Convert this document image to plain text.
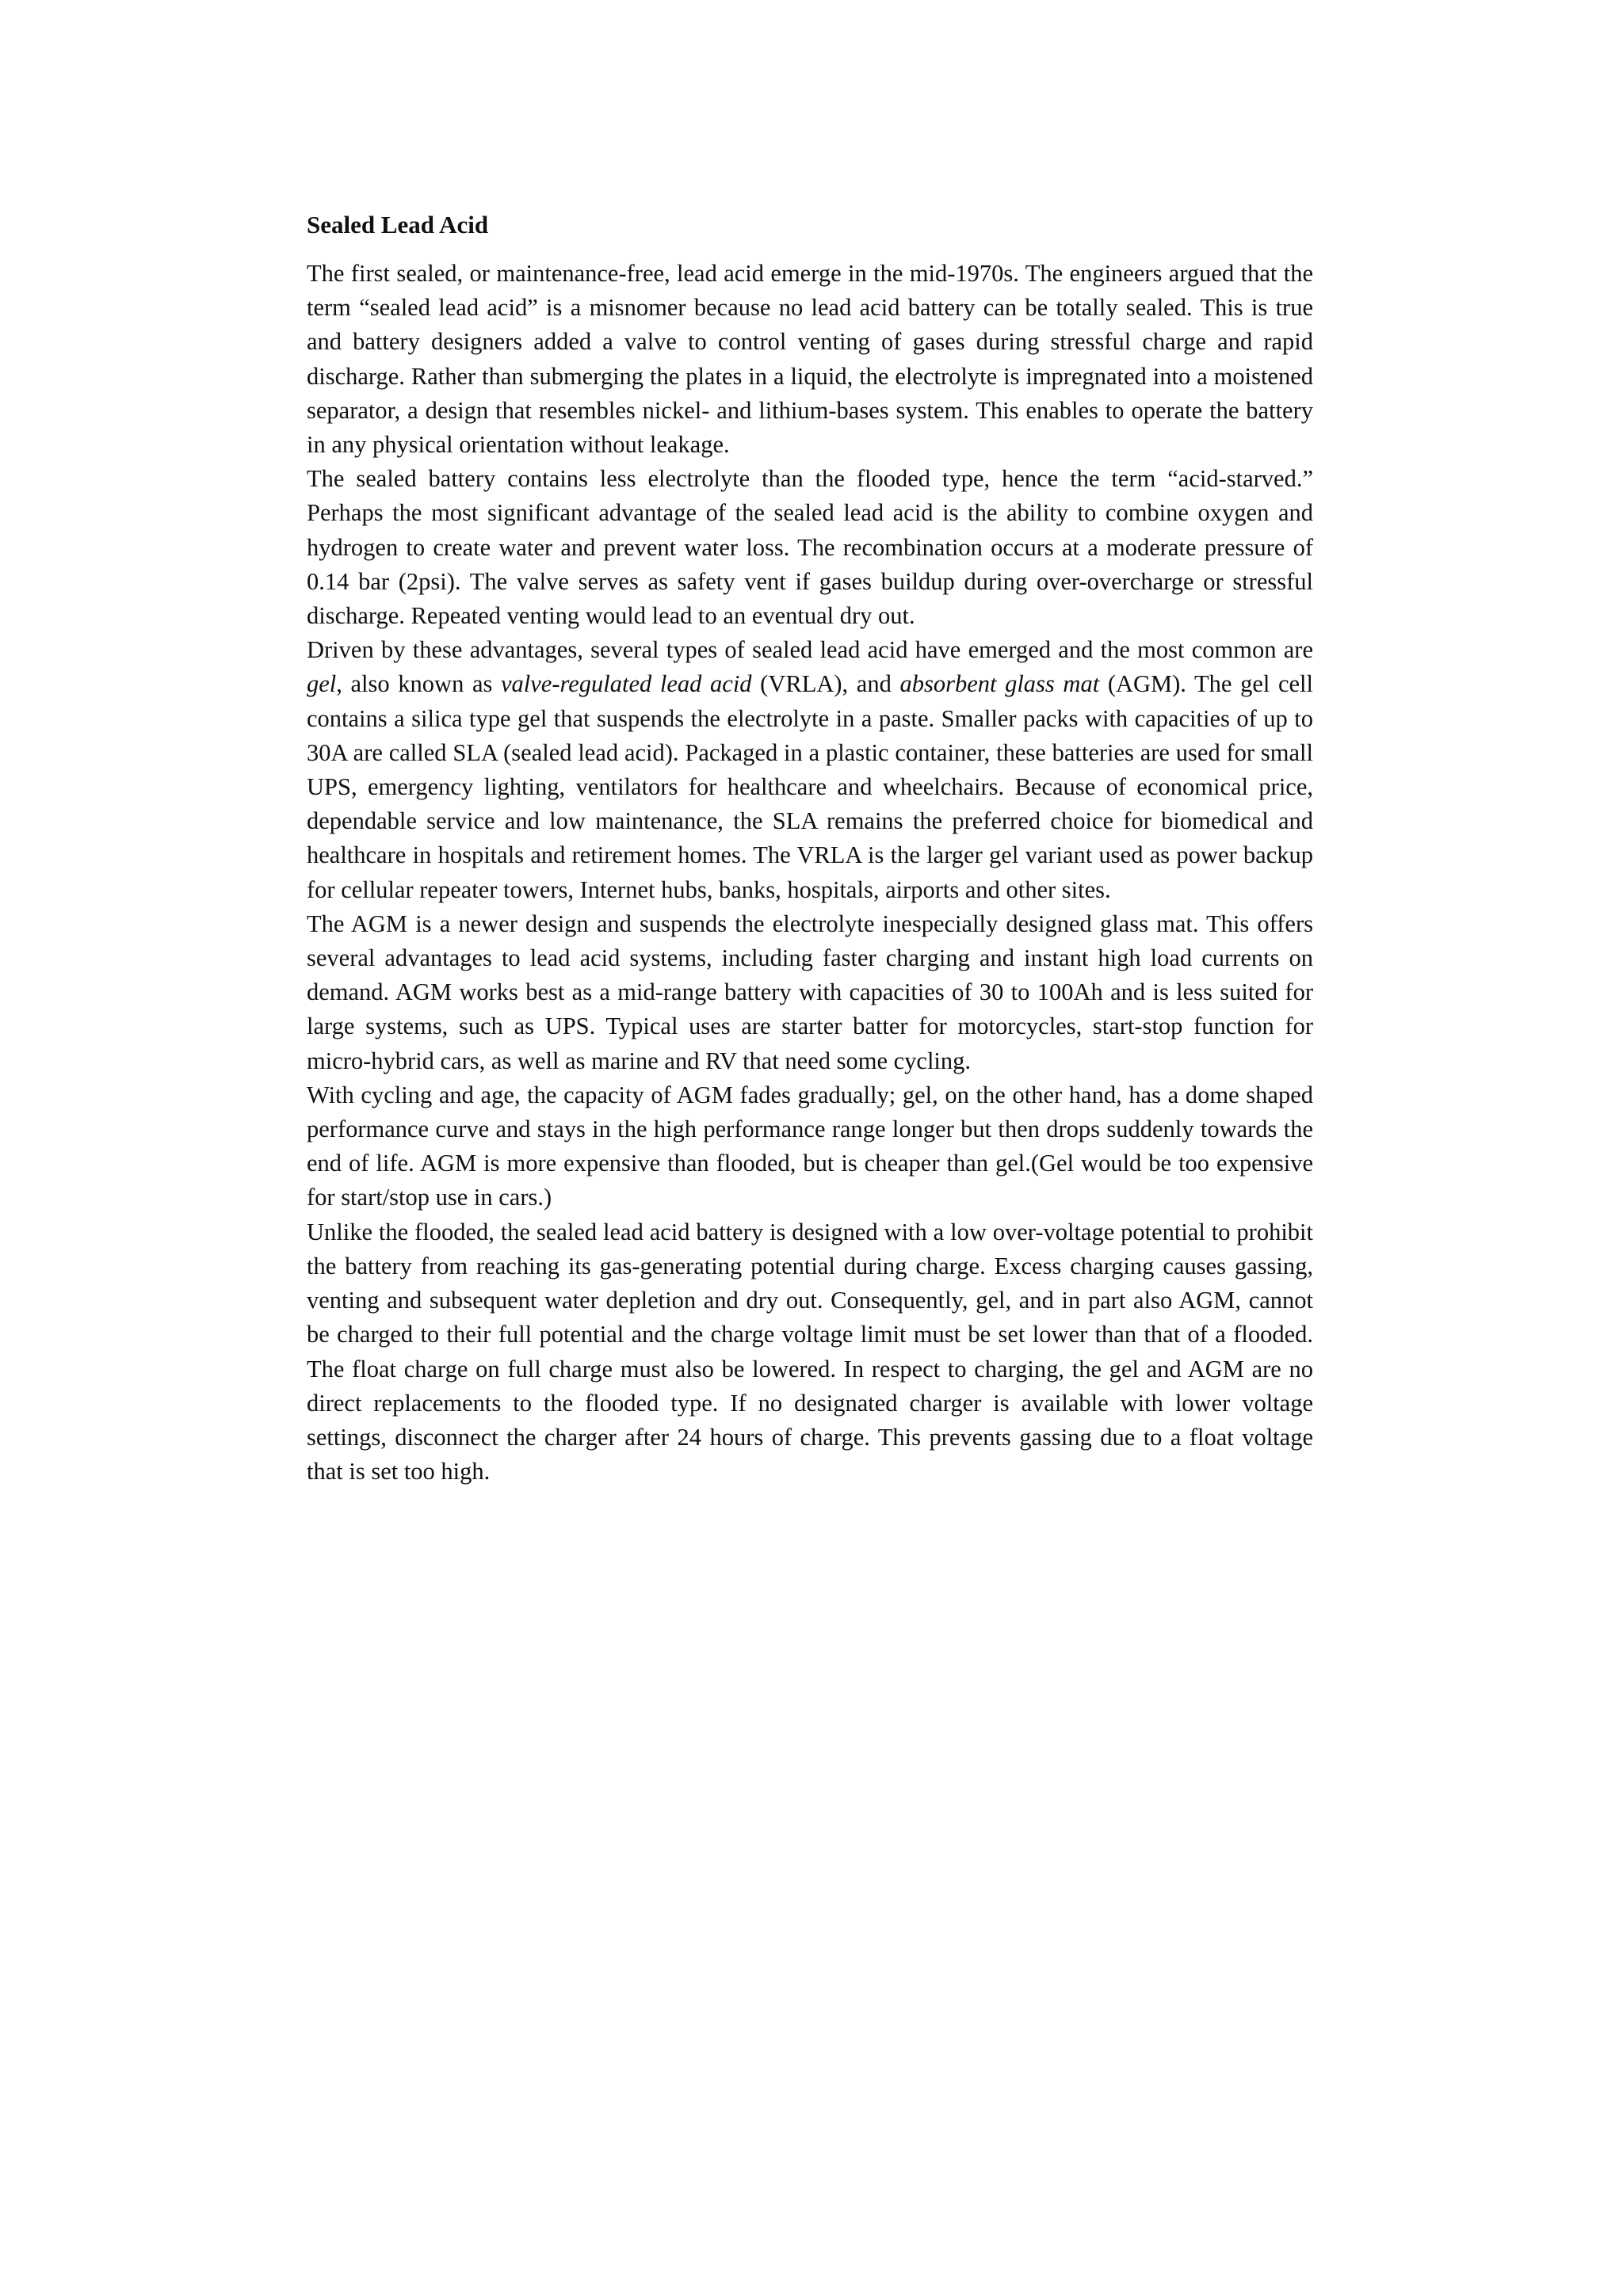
Sealed Lead Acid

The first sealed, or maintenance-free, lead acid emerge in the mid-1970s. The engineers argued that the term “sealed lead acid” is a misnomer because no lead acid battery can be totally sealed. This is true and battery designers added a valve to control venting of gases during stressful charge and rapid discharge. Rather than submerging the plates in a liquid, the electrolyte is impregnated into a moistened separator, a design that resembles nickel- and lithium-bases system. This enables to operate the battery in any physical orientation without leakage.

The sealed battery contains less electrolyte than the flooded type, hence the term “acid-starved.” Perhaps the most significant advantage of the sealed lead acid is the ability to combine oxygen and hydrogen to create water and prevent water loss. The recombination occurs at a moderate pressure of 0.14 bar (2psi). The valve serves as safety vent if gases buildup during over-overcharge or stressful discharge. Repeated venting would lead to an eventual dry out.

Driven by these advantages, several types of sealed lead acid have emerged and the most common are gel, also known as valve-regulated lead acid (VRLA), and absorbent glass mat (AGM). The gel cell contains a silica type gel that suspends the electrolyte in a paste. Smaller packs with capacities of up to 30A are called SLA (sealed lead acid). Packaged in a plastic container, these batteries are used for small UPS, emergency lighting, ventilators for healthcare and wheelchairs. Because of economical price, dependable service and low maintenance, the SLA remains the preferred choice for biomedical and healthcare in hospitals and retirement homes. The VRLA is the larger gel variant used as power backup for cellular repeater towers, Internet hubs, banks, hospitals, airports and other sites.

The AGM is a newer design and suspends the electrolyte inespecially designed glass mat. This offers several advantages to lead acid systems, including faster charging and instant high load currents on demand. AGM works best as a mid-range battery with capacities of 30 to 100Ah and is less suited for large systems, such as UPS. Typical uses are starter batter for motorcycles, start-stop function for micro-hybrid cars, as well as marine and RV that need some cycling.

With cycling and age, the capacity of AGM fades gradually; gel, on the other hand, has a dome shaped performance curve and stays in the high performance range longer but then drops suddenly towards the end of life. AGM is more expensive than flooded, but is cheaper than gel.(Gel would be too expensive for start/stop use in cars.)

Unlike the flooded, the sealed lead acid battery is designed with a low over-voltage potential to prohibit the battery from reaching its gas-generating potential during charge. Excess charging causes gassing, venting and subsequent water depletion and dry out. Consequently, gel, and in part also AGM, cannot be charged to their full potential and the charge voltage limit must be set lower than that of a flooded. The float charge on full charge must also be lowered. In respect to charging, the gel and AGM are no direct replacements to the flooded type. If no designated charger is available with lower voltage settings, disconnect the charger after 24 hours of charge. This prevents gassing due to a float voltage that is set too high.
